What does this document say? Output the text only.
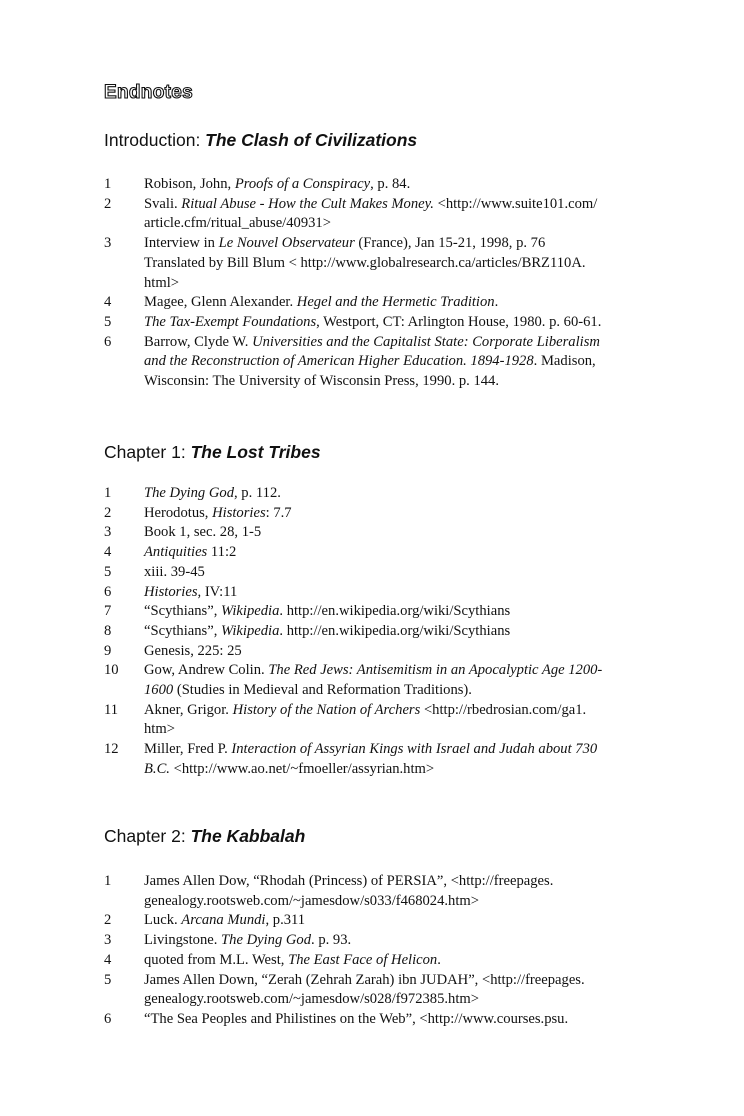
Endnotes
Introduction: The Clash of Civilizations
1 Robison, John, Proofs of a Conspiracy, p. 84.
2 Svali. Ritual Abuse - How the Cult Makes Money. <http://www.suite101.com/
article.cfm/ritual_abuse/40931>
3 Interview in Le Nouvel Observateur (France), Jan 15-21, 1998, p. 76
Translated by Bill Blum < http://www.globalresearch.ca/articles/BRZ110A.
html>
4 Magee, Glenn Alexander. Hegel and the Hermetic Tradition.
5 The Tax-Exempt Foundations, Westport, CT: Arlington House, 1980. p. 60-61.
6 Barrow, Clyde W. Universities and the Capitalist State: Corporate Liberalism
and the Reconstruction of American Higher Education. 1894-1928. Madison,
Wisconsin: The University of Wisconsin Press, 1990. p. 144.
Chapter 1: The Lost Tribes
1 The Dying God, p. 112.
2 Herodotus, Histories: 7.7
3 Book 1, sec. 28, 1-5
4 Antiquities 11:2
5 xiii. 39-45
6 Histories, IV:11
7 “Scythians”, Wikipedia. http://en.wikipedia.org/wiki/Scythians
8 “Scythians”, Wikipedia. http://en.wikipedia.org/wiki/Scythians
9 Genesis, 225: 25
10 Gow, Andrew Colin. The Red Jews: Antisemitism in an Apocalyptic Age 1200-
1600 (Studies in Medieval and Reformation Traditions).
11 Akner, Grigor. History of the Nation of Archers <http://rbedrosian.com/ga1.
htm>
12 Miller, Fred P. Interaction of Assyrian Kings with Israel and Judah about 730
B.C. <http://www.ao.net/~fmoeller/assyrian.htm>
Chapter 2: The Kabbalah
1 James Allen Dow, “Rhodah (Princess) of PERSIA”, <http://freepages.
genealogy.rootsweb.com/~jamesdow/s033/f468024.htm>
2 Luck. Arcana Mundi, p.311
3 Livingstone. The Dying God. p. 93.
4 quoted from M.L. West, The East Face of Helicon.
5 James Allen Down, “Zerah (Zehrah Zarah) ibn JUDAH”, <http://freepages.
genealogy.rootsweb.com/~jamesdow/s028/f972385.htm>
6 “The Sea Peoples and Philistines on the Web”, <http://www.courses.psu.
